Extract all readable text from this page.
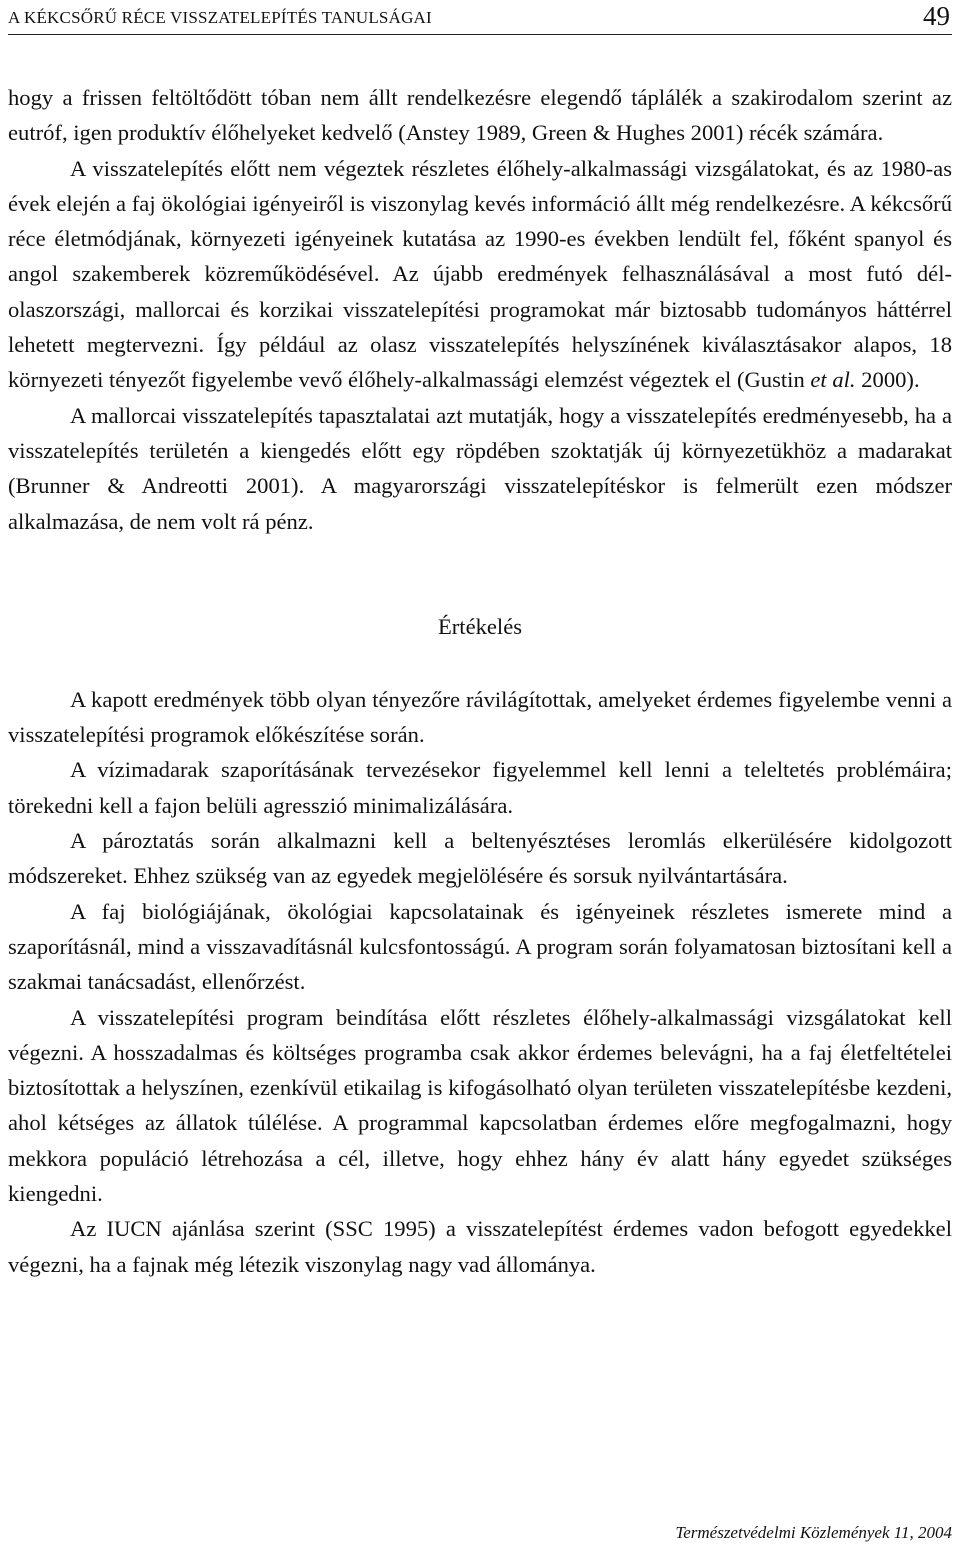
A KÉKCSŐRŰ RÉCE VISSZATELEPÍTÉS TANULSÁGAI	49

hogy a frissen feltöltődött tóban nem állt rendelkezésre elegendő táplálék a szakirodalom szerint az eutróf, igen produktív élőhelyeket kedvelő (Anstey 1989, Green & Hughes 2001) récék számára.

A visszatelepítés előtt nem végeztek részletes élőhely-alkalmassági vizsgálatokat, és az 1980-as évek elején a faj ökológiai igényeiről is viszonylag kevés információ állt még rendelkezésre. A kékcsőrű réce életmódjának, környezeti igényeinek kutatása az 1990-es években lendült fel, főként spanyol és angol szakemberek közreműködésével. Az újabb eredmények felhasználásával a most futó dél-olaszországi, mallorcai és korzikai visszatelepítési programokat már biztosabb tudományos háttérrel lehetett megtervezni. Így például az olasz visszatelepítés helyszínének kiválasztásakor alapos, 18 környezeti tényezőt figyelembe vevő élőhely-alkalmassági elemzést végeztek el (Gustin et al. 2000).

A mallorcai visszatelepítés tapasztalatai azt mutatják, hogy a visszatelepítés eredményesebb, ha a visszatelepítés területén a kiengedés előtt egy röpdében szoktatják új környezetükhöz a madarakat (Brunner & Andreotti 2001). A magyarországi visszatelepítéskor is felmerült ezen módszer alkalmazása, de nem volt rá pénz.

Értékelés

A kapott eredmények több olyan tényezőre rávilágítottak, amelyeket érdemes figyelembe venni a visszatelepítési programok előkészítése során.

A vízimadarak szaporításának tervezésekor figyelemmel kell lenni a teleltetés problémáira; törekedni kell a fajon belüli agresszió minimalizálására.

A pároztatás során alkalmazni kell a beltenyésztéses leromlás elkerülésére kidolgozott módszereket. Ehhez szükség van az egyedek megjelölésére és sorsuk nyilvántartására.

A faj biológiájának, ökológiai kapcsolatainak és igényeinek részletes ismerete mind a szaporításnál, mind a visszavadításnál kulcsfontosságú. A program során folyamatosan biztosítani kell a szakmai tanácsadást, ellenőrzést.

A visszatelepítési program beindítása előtt részletes élőhely-alkalmassági vizsgálatokat kell végezni. A hosszadalmas és költséges programba csak akkor érdemes belevágni, ha a faj életfeltételei biztosítottak a helyszínen, ezenkívül etikailag is kifogásolható olyan területen visszatelepítésbe kezdeni, ahol kétséges az állatok túlélése. A programmal kapcsolatban érdemes előre megfogalmazni, hogy mekkora populáció létrehozása a cél, illetve, hogy ehhez hány év alatt hány egyedet szükséges kiengedni.

Az IUCN ajánlása szerint (SSC 1995) a visszatelepítést érdemes vadon befogott egyedekkel végezni, ha a fajnak még létezik viszonylag nagy vad állománya.

Természetvédelmi Közlemények 11, 2004
